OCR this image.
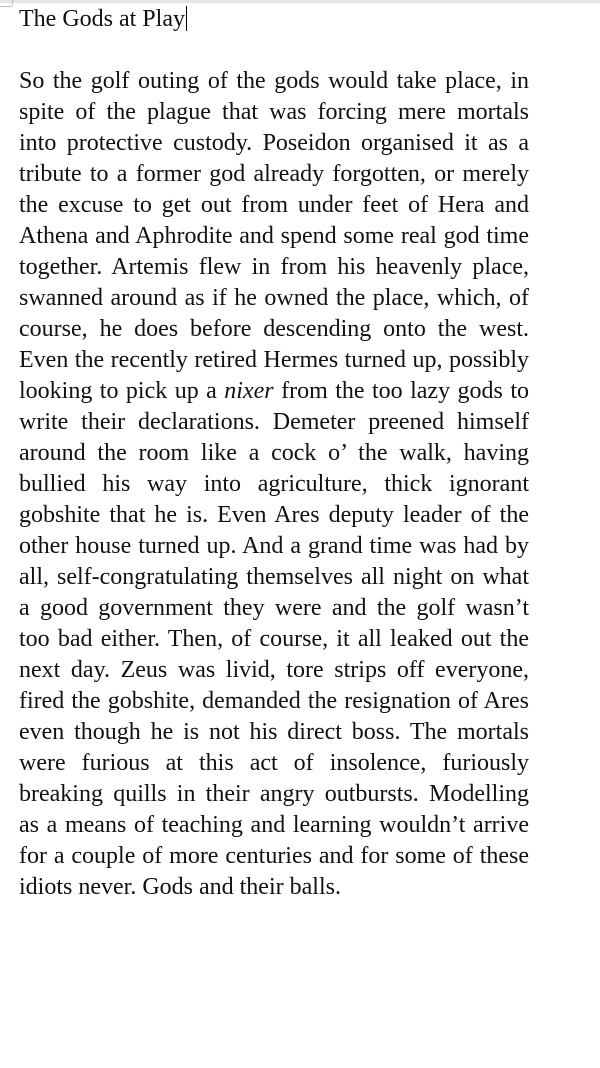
The Gods at Play

So the golf outing of the gods would take place, in spite of the plague that was forcing mere mortals into protective custody. Poseidon organised it as a tribute to a former god already forgotten, or merely the excuse to get out from under feet of Hera and Athena and Aphrodite and spend some real god time together. Artemis flew in from his heavenly place, swanned around as if he owned the place, which, of course, he does before descending onto the west. Even the recently retired Hermes turned up, possibly looking to pick up a nixer from the too lazy gods to write their declarations. Demeter preened himself around the room like a cock o’ the walk, having bullied his way into agriculture, thick ignorant gobshite that he is. Even Ares deputy leader of the other house turned up. And a grand time was had by all, self-congratulating themselves all night on what a good government they were and the golf wasn’t too bad either. Then, of course, it all leaked out the next day. Zeus was livid, tore strips off everyone, fired the gobshite, demanded the resignation of Ares even though he is not his direct boss. The mortals were furious at this act of insolence, furiously breaking quills in their angry outbursts. Modelling as a means of teaching and learning wouldn’t arrive for a couple of more centuries and for some of these idiots never. Gods and their balls.
